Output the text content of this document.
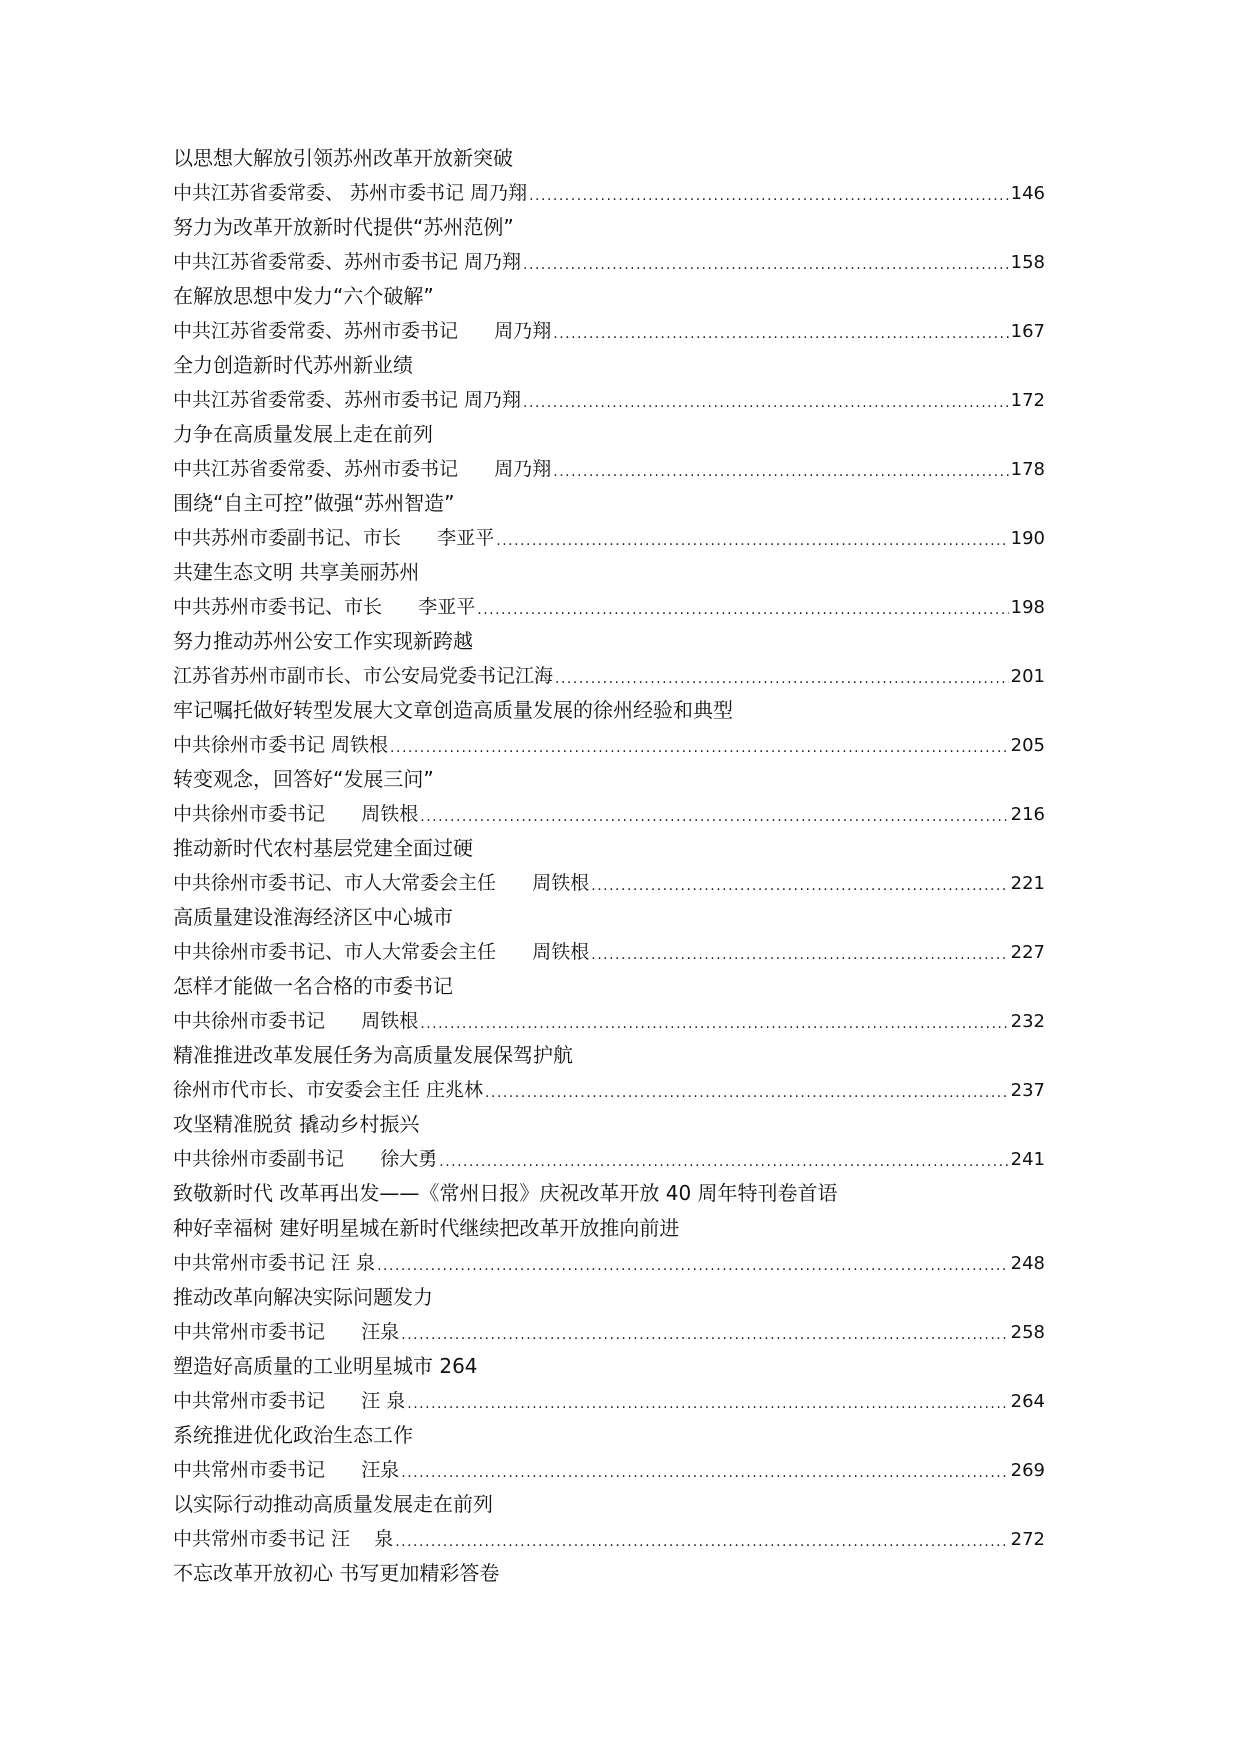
以思想大解放引领苏州改革开放新突破
中共江苏省委常委、 苏州市委书记 周乃翔 .....	146
努力为改革开放新时代提供“苏州范例”
中共江苏省委常委、苏州市委书记 周乃翔 .....	158
在解放思想中发力“六个破解”
中共江苏省委常委、苏州市委书记      周乃翔 .....	167
全力创造新时代苏州新业绩
中共江苏省委常委、苏州市委书记 周乃翔 .....	172
力争在高质量发展上走在前列
中共江苏省委常委、苏州市委书记      周乃翔 .....	178
围绕“自主可控”做强“苏州智造”
中共苏州市委副书记、市长      李亚平 .....	190
共建生态文明 共享美丽苏州
中共苏州市委书记、市长      李亚平 .....	198
努力推动苏州公安工作实现新跨越
江苏省苏州市副市长、市公安局党委书记江海 .....	201
牢记嘱托做好转型发展大文章创造高质量发展的徐州经验和典型
中共徐州市委书记 周铁根 .....	205
转变观念，回答好“发展三问”
中共徐州市委书记      周铁根 .....	216
推动新时代农村基层党建全面过硬
中共徐州市委书记、市人大常委会主任      周铁根 .....	221
高质量建设淮海经济区中心城市
中共徐州市委书记、市人大常委会主任      周铁根 .....	227
怎样才能做一名合格的市委书记
中共徐州市委书记      周铁根 .....	232
精准推进改革发展任务为高质量发展保驾护航
徐州市代市长、市安委会主任 庄兆林 .....	237
攻坚精准脱贫 撬动乡村振兴
中共徐州市委副书记      徐大勇 .....	241
致敬新时代 改革再出发——《常州日报》庆祝改革开放 40 周年特刊卷首语
种好幸福树 建好明星城在新时代继续把改革开放推向前进
中共常州市委书记 汪 泉 .....	248
推动改革向解决实际问题发力
中共常州市委书记      汪泉 .....	258
塑造好高质量的工业明星城市 264
中共常州市委书记      汪 泉 .....	264
系统推进优化政治生态工作
中共常州市委书记      汪泉 .....	269
以实际行动推动高质量发展走在前列
中共常州市委书记 汪    泉 .....	272
不忘改革开放初心 书写更加精彩答卷
